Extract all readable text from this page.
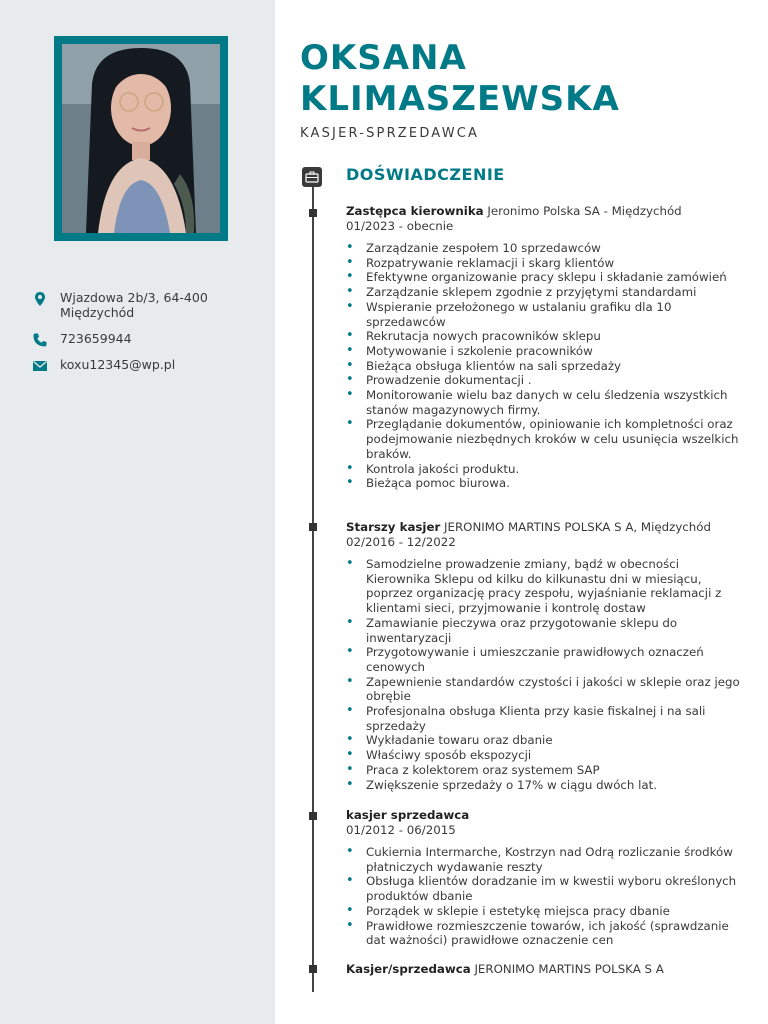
Wjazdowa 2b/3, 64-400
Międzychód
723659944
koxu12345@wp.pl
OKSANA
KLIMASZEWSKA
KASJER-SPRZEDAWCA
DOŚWIADCZENIE
Zastępca kierownika Jeronimo Polska SA - Międzychód
01/2023 - obecnie
• Zarządzanie zespołem 10 sprzedawców
• Rozpatrywanie reklamacji i skarg klientów
• Efektywne organizowanie pracy sklepu i składanie zamówień
• Zarządzanie sklepem zgodnie z przyjętymi standardami
• Wspieranie przełożonego w ustalaniu grafiku dla 10 sprzedawców
• Rekrutacja nowych pracowników sklepu
• Motywowanie i szkolenie pracowników
• Bieżąca obsługa klientów na sali sprzedaży
• Prowadzenie dokumentacji .
• Monitorowanie wielu baz danych w celu śledzenia wszystkich stanów magazynowych firmy.
• Przeglądanie dokumentów, opiniowanie ich kompletności oraz podejmowanie niezbędnych kroków w celu usunięcia wszelkich braków.
• Kontrola jakości produktu.
• Bieżąca pomoc biurowa.
Starszy kasjer JERONIMO MARTINS POLSKA S A, Międzychód
02/2016 - 12/2022
• Samodzielne prowadzenie zmiany, bądź w obecności Kierownika Sklepu od kilku do kilkunastu dni w miesiącu, poprzez organizację pracy zespołu, wyjaśnianie reklamacji z klientami sieci, przyjmowanie i kontrolę dostaw
• Zamawianie pieczywa oraz przygotowanie sklepu do inwentaryzacji
• Przygotowywanie i umieszczanie prawidłowych oznaczeń cenowych
• Zapewnienie standardów czystości i jakości w sklepie oraz jego obrębie
• Profesjonalna obsługa Klienta przy kasie fiskalnej i na sali sprzedaży
• Wykładanie towaru oraz dbanie
• Właściwy sposób ekspozycji
• Praca z kolektorem oraz systemem SAP
• Zwiększenie sprzedaży o 17% w ciągu dwóch lat.
kasjer sprzedawca
01/2012 - 06/2015
• Cukiernia Intermarche, Kostrzyn nad Odrą rozliczanie środków płatniczych wydawanie reszty
• Obsługa klientów doradzanie im w kwestii wyboru określonych produktów dbanie
• Porządek w sklepie i estetykę miejsca pracy dbanie
• Prawidłowe rozmieszczenie towarów, ich jakość (sprawdzanie dat ważności) prawidłowe oznaczenie cen
Kasjer/sprzedawca JERONIMO MARTINS POLSKA S A
